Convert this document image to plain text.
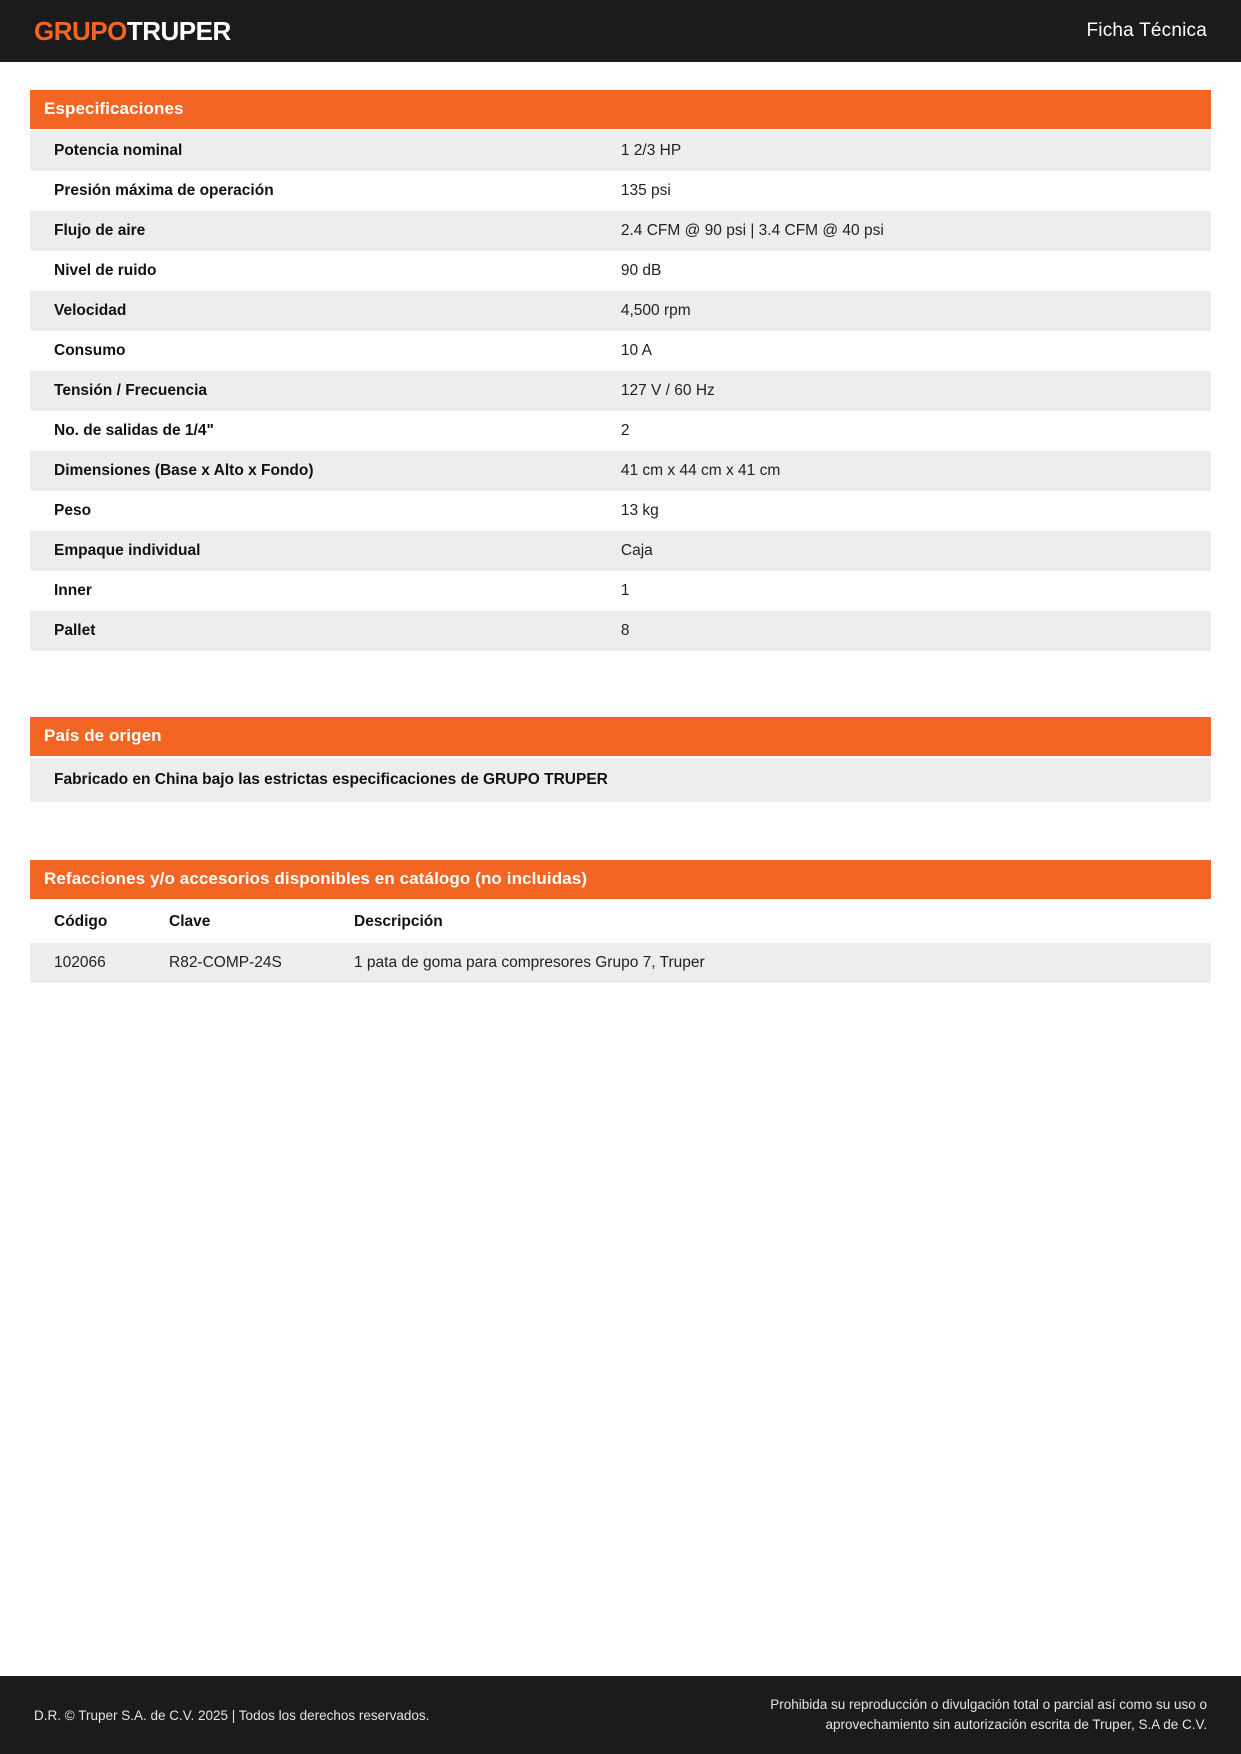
GRUPOTRUPER	Ficha Técnica
Especificaciones
Potencia nominal	1 2/3 HP
Presión máxima de operación	135 psi
Flujo de aire	2.4 CFM @ 90 psi | 3.4 CFM @ 40 psi
Nivel de ruido	90 dB
Velocidad	4,500 rpm
Consumo	10 A
Tensión / Frecuencia	127 V / 60 Hz
No. de salidas de 1/4"	2
Dimensiones (Base x Alto x Fondo)	41 cm x 44 cm x 41 cm
Peso	13 kg
Empaque individual	Caja
Inner	1
Pallet	8
País de origen
Fabricado en China bajo las estrictas especificaciones de GRUPO TRUPER
Refacciones y/o accesorios disponibles en catálogo (no incluidas)
Código	Clave	Descripción
102066	R82-COMP-24S	1 pata de goma para compresores Grupo 7, Truper
D.R. © Truper S.A. de C.V. 2025 | Todos los derechos reservados.
Prohibida su reproducción o divulgación total o parcial así como su uso o
aprovechamiento sin autorización escrita de Truper, S.A de C.V.
